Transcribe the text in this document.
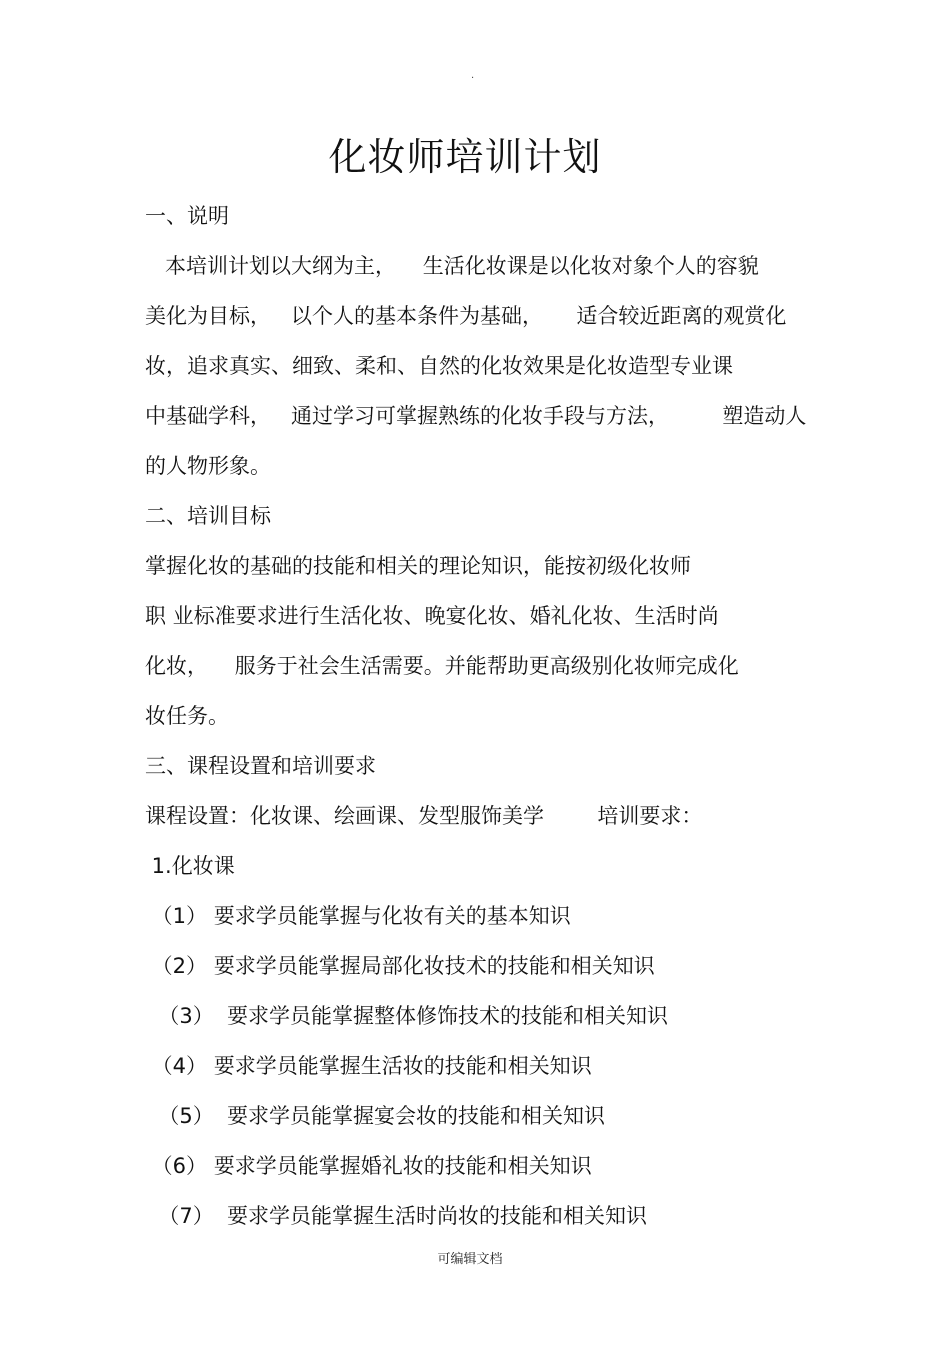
.
化妆师培训计划
一、说明
本培训计划以大纲为主，    生活化妆课是以化妆对象个人的容貌
美化为目标，   以个人的基本条件为基础，     适合较近距离的观赏化
妆，追求真实、细致、柔和、自然的化妆效果是化妆造型专业课
中基础学科，   通过学习可掌握熟练的化妆手段与方法，        塑造动人
的人物形象。
二、培训目标
掌握化妆的基础的技能和相关的理论知识，能按初级化妆师
职 业标准要求进行生活化妆、晚宴化妆、婚礼化妆、生活时尚
化妆，    服务于社会生活需要。并能帮助更高级别化妆师完成化
妆任务。
三、课程设置和培训要求
课程设置：化妆课、绘画课、发型服饰美学        培训要求：
1.化妆课
（1） 要求学员能掌握与化妆有关的基本知识
（2） 要求学员能掌握局部化妆技术的技能和相关知识
（3）  要求学员能掌握整体修饰技术的技能和相关知识
（4） 要求学员能掌握生活妆的技能和相关知识
（5）  要求学员能掌握宴会妆的技能和相关知识
（6） 要求学员能掌握婚礼妆的技能和相关知识
（7）  要求学员能掌握生活时尚妆的技能和相关知识
可编辑文档
